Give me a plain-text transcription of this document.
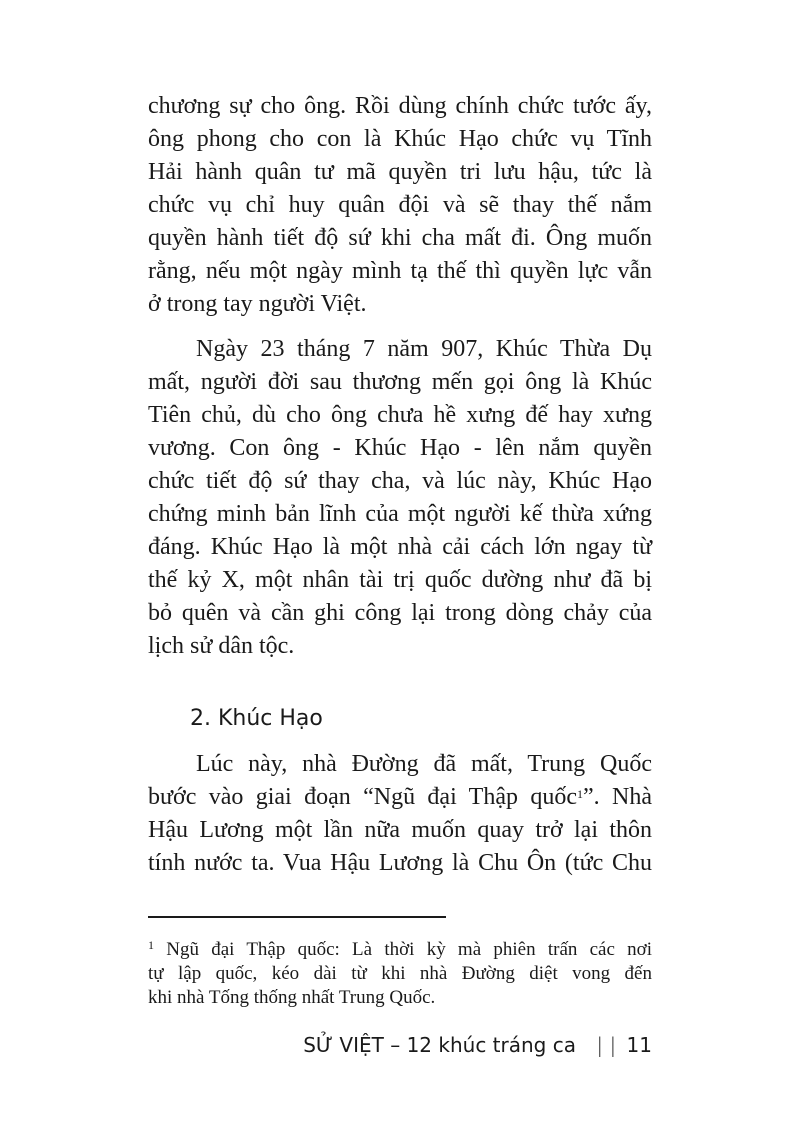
chương sự cho ông. Rồi dùng chính chức tước ấy,
ông phong cho con là Khúc Hạo chức vụ Tĩnh
Hải hành quân tư mã quyền tri lưu hậu, tức là
chức vụ chỉ huy quân đội và sẽ thay thế nắm
quyền hành tiết độ sứ khi cha mất đi. Ông muốn
rằng, nếu một ngày mình tạ thế thì quyền lực vẫn
ở trong tay người Việt.
Ngày 23 tháng 7 năm 907, Khúc Thừa Dụ
mất, người đời sau thương mến gọi ông là Khúc
Tiên chủ, dù cho ông chưa hề xưng đế hay xưng
vương. Con ông - Khúc Hạo - lên nắm quyền
chức tiết độ sứ thay cha, và lúc này, Khúc Hạo
chứng minh bản lĩnh của một người kế thừa xứng
đáng. Khúc Hạo là một nhà cải cách lớn ngay từ
thế kỷ X, một nhân tài trị quốc dường như đã bị
bỏ quên và cần ghi công lại trong dòng chảy của
lịch sử dân tộc.
2. Khúc Hạo
Lúc này, nhà Đường đã mất, Trung Quốc
bước vào giai đoạn “Ngũ đại Thập quốc$^1$”. Nhà
Hậu Lương một lần nữa muốn quay trở lại thôn
tính nước ta. Vua Hậu Lương là Chu Ôn (tức Chu
$^1$ Ngũ đại Thập quốc: Là thời kỳ mà phiên trấn các nơi
tự lập quốc, kéo dài từ khi nhà Đường diệt vong đến
khi nhà Tống thống nhất Trung Quốc.
SỬ VIỆT – 12 khúc tráng ca | | 11
